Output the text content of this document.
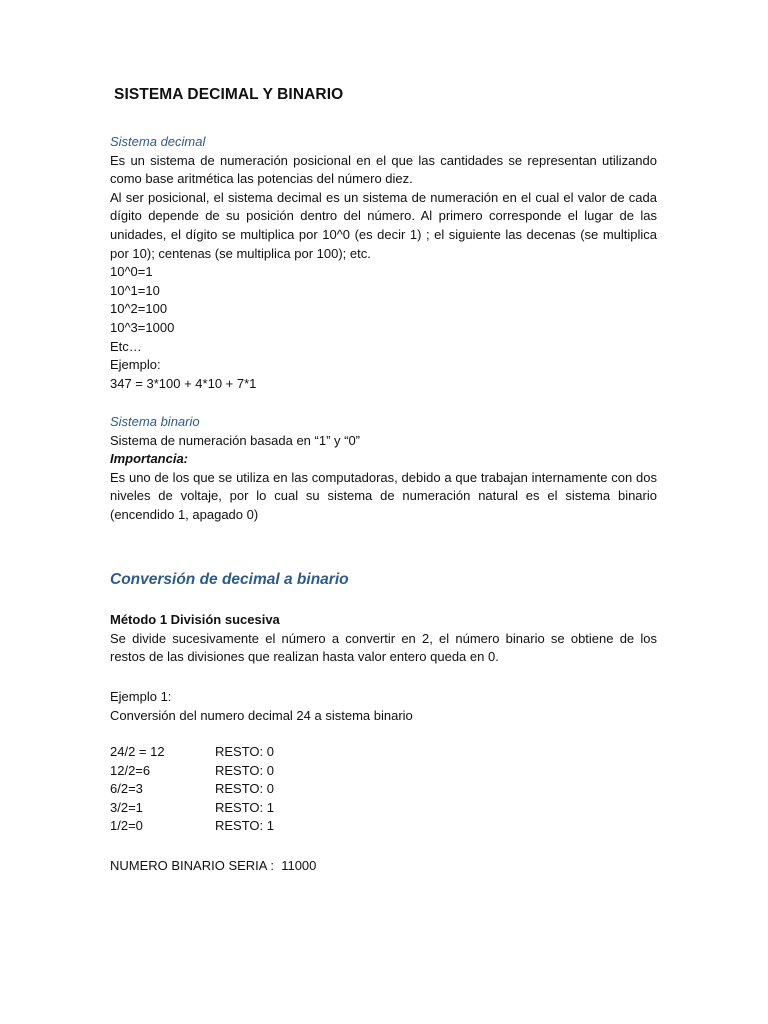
SISTEMA DECIMAL Y BINARIO
Sistema decimal
Es un sistema de numeración posicional en el que las cantidades se representan utilizando como base aritmética las potencias del número diez.
Al ser posicional, el sistema decimal es un sistema de numeración en el cual el valor de cada dígito depende de su posición dentro del número. Al primero corresponde el lugar de las unidades, el dígito se multiplica por 10^0 (es decir 1) ; el siguiente las decenas (se multiplica por 10); centenas (se multiplica por 100); etc.
10^0=1
10^1=10
10^2=100
10^3=1000
Etc…
Ejemplo:
347 = 3*100 + 4*10 + 7*1
Sistema binario
Sistema de numeración basada en “1” y “0”
Importancia:
Es uno de los que se utiliza en las computadoras, debido a que trabajan internamente con dos niveles de voltaje, por lo cual su sistema de numeración natural es el sistema binario (encendido 1, apagado 0)
Conversión de decimal a binario
Método 1 División sucesiva
Se divide sucesivamente el número a convertir en 2, el número binario se obtiene de los restos de las divisiones que realizan hasta valor entero queda en 0.
Ejemplo 1:
Conversión del numero decimal 24 a sistema binario
24/2 = 12	RESTO: 0
12/2=6	RESTO: 0
6/2=3	RESTO: 0
3/2=1	RESTO: 1
1/2=0	RESTO: 1
NUMERO BINARIO SERIA :  11000
